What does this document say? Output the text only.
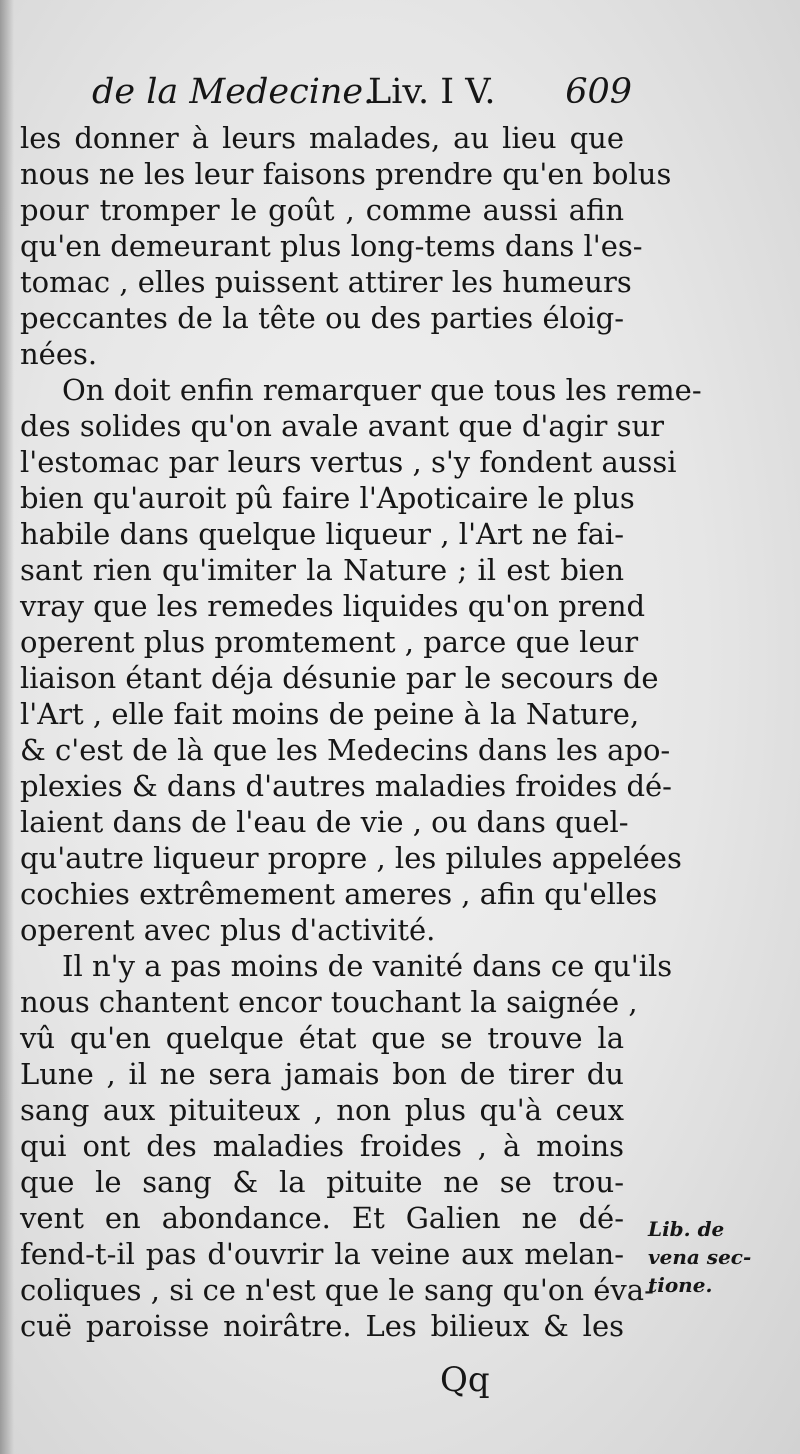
de la Medecine.
Liv. I V. 609
les donner à leurs malades, au lieu que
nous ne les leur faisons prendre qu'en bolus
pour tromper le goût , comme aussi afin
qu'en demeurant plus long-tems dans l'es-
tomac , elles puissent attirer les humeurs
peccantes de la tête ou des parties éloig-
nées.
On doit enfin remarquer que tous les reme-
des solides qu'on avale avant que d'agir sur
l'estomac par leurs vertus , s'y fondent aussi
bien qu'auroit pû faire l'Apoticaire le plus
habile dans quelque liqueur , l'Art ne fai-
sant rien qu'imiter la Nature ; il est bien
vray que les remedes liquides qu'on prend
operent plus promtement , parce que leur
liaison étant déja désunie par le secours de
l'Art , elle fait moins de peine à la Nature,
& c'est de là que les Medecins dans les apo-
plexies & dans d'autres maladies froides dé-
laient dans de l'eau de vie , ou dans quel-
qu'autre liqueur propre , les pilules appelées
cochies extrêmement ameres , afin qu'elles
operent avec plus d'activité.
Il n'y a pas moins de vanité dans ce qu'ils
nous chantent encor touchant la saignée ,
vû qu'en quelque état que se trouve la
Lune , il ne sera jamais bon de tirer du
sang aux pituiteux , non plus qu'à ceux
qui ont des maladies froides , à moins
que le sang & la pituite ne se trou-
vent en abondance. Et Galien ne dé-
fend-t-il pas d'ouvrir la veine aux melan-
coliques , si ce n'est que le sang qu'on éva-
cuë paroisse noirâtre. Les bilieux & les
Lib. de
vena sec-
tione.
Qq
